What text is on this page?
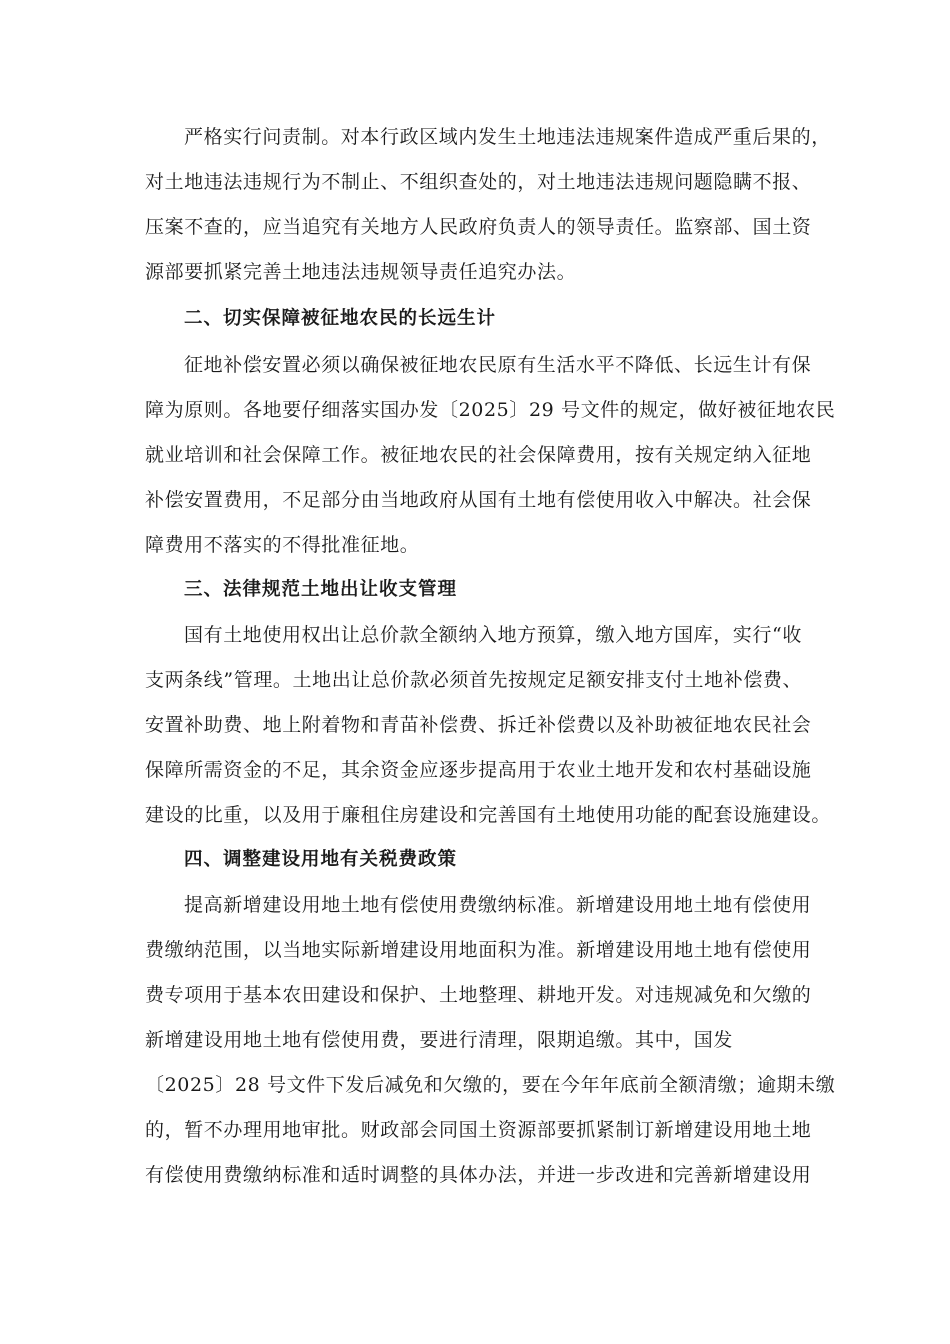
严格实行问责制。对本行政区域内发生土地违法违规案件造成严重后果的，
对土地违法违规行为不制止、不组织查处的，对土地违法违规问题隐瞒不报、
压案不查的，应当追究有关地方人民政府负责人的领导责任。监察部、国土资
源部要抓紧完善土地违法违规领导责任追究办法。
二、切实保障被征地农民的长远生计
征地补偿安置必须以确保被征地农民原有生活水平不降低、长远生计有保
障为原则。各地要仔细落实国办发〔2025〕29 号文件的规定，做好被征地农民
就业培训和社会保障工作。被征地农民的社会保障费用，按有关规定纳入征地
补偿安置费用，不足部分由当地政府从国有土地有偿使用收入中解决。社会保
障费用不落实的不得批准征地。
三、法律规范土地出让收支管理
国有土地使用权出让总价款全额纳入地方预算，缴入地方国库，实行“收
支两条线”管理。土地出让总价款必须首先按规定足额安排支付土地补偿费、
安置补助费、地上附着物和青苗补偿费、拆迁补偿费以及补助被征地农民社会
保障所需资金的不足，其余资金应逐步提高用于农业土地开发和农村基础设施
建设的比重，以及用于廉租住房建设和完善国有土地使用功能的配套设施建设。
四、调整建设用地有关税费政策
提高新增建设用地土地有偿使用费缴纳标准。新增建设用地土地有偿使用
费缴纳范围，以当地实际新增建设用地面积为准。新增建设用地土地有偿使用
费专项用于基本农田建设和保护、土地整理、耕地开发。对违规减免和欠缴的
新增建设用地土地有偿使用费，要进行清理，限期追缴。其中，国发
〔2025〕28 号文件下发后减免和欠缴的，要在今年年底前全额清缴；逾期未缴
的，暂不办理用地审批。财政部会同国土资源部要抓紧制订新增建设用地土地
有偿使用费缴纳标准和适时调整的具体办法，并进一步改进和完善新增建设用
